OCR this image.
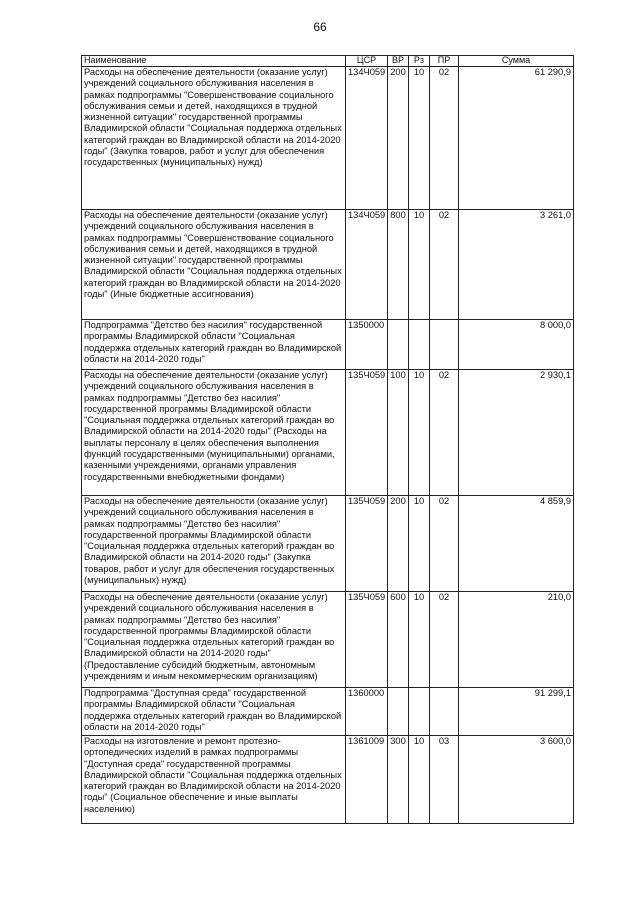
66
Наименование	ЦСР	ВР	Рз	ПР	Сумма
Расходы на обеспечение деятельности (оказание услуг) учреждений социального обслуживания населения в рамках подпрограммы "Совершенствование социального обслуживания семьи и детей, находящихся в трудной жизненной ситуации" государственной программы Владимирской области "Социальная поддержка отдельных категорий граждан во Владимирской области на 2014-2020 годы" (Закупка товаров, работ и услуг для обеспечения государственных (муниципальных) нужд)	134Ч059	200	10	02	61 290,9
Расходы на обеспечение деятельности (оказание услуг) учреждений социального обслуживания населения в рамках подпрограммы "Совершенствование социального обслуживания семьи и детей, находящихся в трудной жизненной ситуации" государственной программы Владимирской области "Социальная поддержка отдельных категорий граждан во Владимирской области на 2014-2020 годы" (Иные бюджетные ассигнования)	134Ч059	800	10	02	3 261,0
Подпрограмма "Детство без насилия" государственной программы Владимирской области "Социальная поддержка отдельных категорий граждан во Владимирской области на 2014-2020 годы"	1350000				8 000,0
Расходы на обеспечение деятельности (оказание услуг) учреждений социального обслуживания населения в рамках подпрограммы "Детство без насилия" государственной программы Владимирской области "Социальная поддержка отдельных категорий граждан во Владимирской области на 2014-2020 годы" (Расходы на выплаты персоналу в целях обеспечения выполнения функций государственными (муниципальными) органами, казенными учреждениями, органами управления государственными внебюджетными фондами)	135Ч059	100	10	02	2 930,1
Расходы на обеспечение деятельности (оказание услуг) учреждений социального обслуживания населения в рамках подпрограммы "Детство без насилия" государственной программы Владимирской области "Социальная поддержка отдельных категорий граждан во Владимирской области на 2014-2020 годы" (Закупка товаров, работ и услуг для обеспечения государственных (муниципальных) нужд)	135Ч059	200	10	02	4 859,9
Расходы на обеспечение деятельности (оказание услуг) учреждений социального обслуживания населения в рамках подпрограммы "Детство без насилия" государственной программы Владимирской области "Социальная поддержка отдельных категорий граждан во Владимирской области на 2014-2020 годы" (Предоставление субсидий бюджетным, автономным учреждениям и иным некоммерческим организациям)	135Ч059	600	10	02	210,0
Подпрограмма "Доступная среда" государственной программы Владимирской области "Социальная поддержка отдельных категорий граждан во Владимирской области на 2014-2020 годы"	1360000				91 299,1
Расходы на изготовление и ремонт протезно-ортопедических изделий в рамках подпрограммы "Доступная среда" государственной программы Владимирской области "Социальная поддержка отдельных категорий граждан во Владимирской области на 2014-2020 годы" (Социальное обеспечение и иные выплаты населению)	1361009	300	10	03	3 600,0
